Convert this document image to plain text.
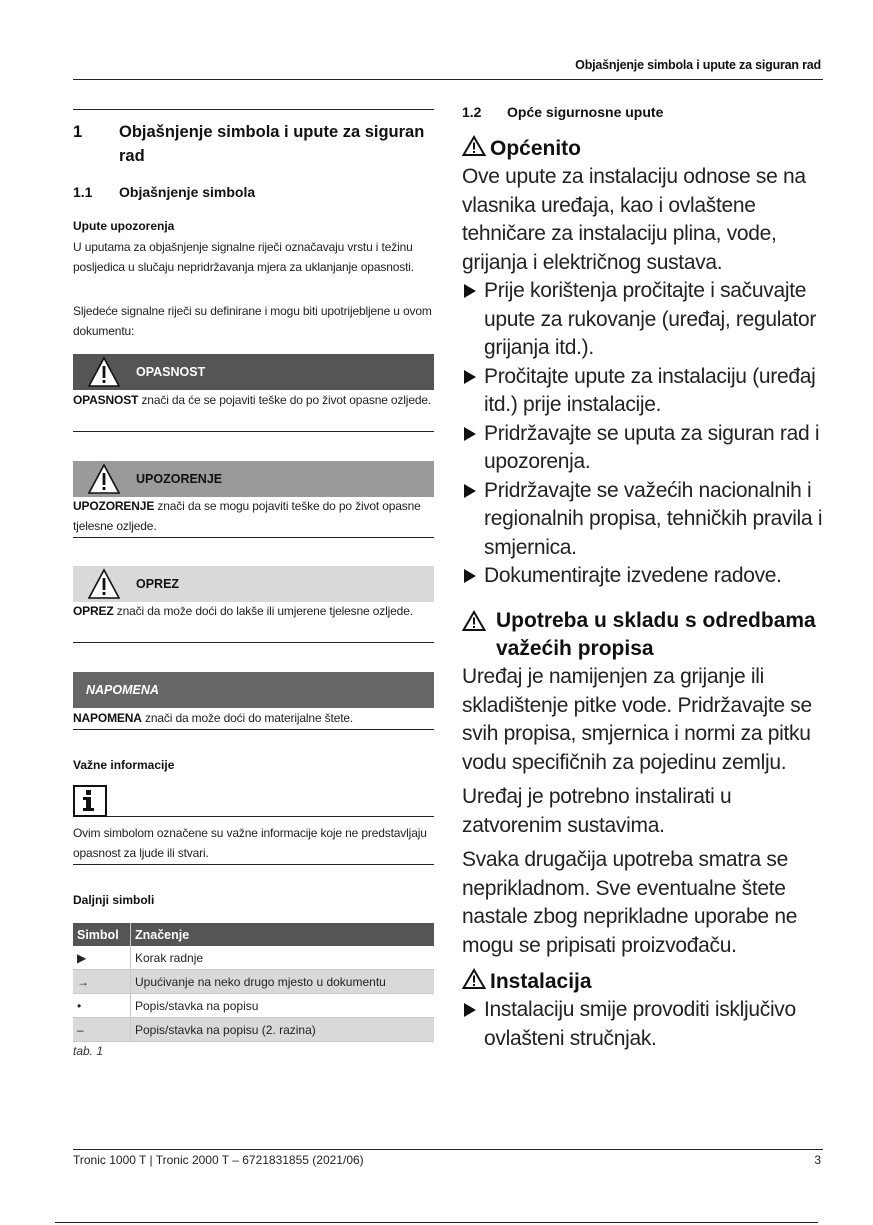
Objašnjenje simbola i upute za siguran rad
1 Objašnjenje simbola i upute za siguran rad
1.1 Objašnjenje simbola
Upute upozorenja
U uputama za objašnjenje signalne riječi označavaju vrstu i težinu posljedica u slučaju nepridržavanja mjera za uklanjanje opasnosti.
Sljedeće signalne riječi su definirane i mogu biti upotrijebljene u ovom dokumentu:
OPASNOST
OPASNOST znači da će se pojaviti teške do po život opasne ozljede.
UPOZORENJE
UPOZORENJE znači da se mogu pojaviti teške do po život opasne tjelesne ozljede.
OPREZ
OPREZ znači da može doći do lakše ili umjerene tjelesne ozljede.
NAPOMENA
NAPOMENA znači da može doći do materijalne štete.
Važne informacije
Ovim simbolom označene su važne informacije koje ne predstavljaju opasnost za ljude ili stvari.
Daljnji simboli
Simbol	Značenje
▶	Korak radnje
→	Upućivanje na neko drugo mjesto u dokumentu
•	Popis/stavka na popisu
–	Popis/stavka na popisu (2. razina)
tab. 1
1.2 Opće sigurnosne upute
Općenito
Ove upute za instalaciju odnose se na vlasnika uređaja, kao i ovlaštene tehničare za instalaciju plina, vode, grijanja i električnog sustava.
Prije korištenja pročitajte i sačuvajte upute za rukovanje (uređaj, regulator grijanja itd.).
Pročitajte upute za instalaciju (uređaj itd.) prije instalacije.
Pridržavajte se uputa za siguran rad i upozorenja.
Pridržavajte se važećih nacionalnih i regionalnih propisa, tehničkih pravila i smjernica.
Dokumentirajte izvedene radove.
Upotreba u skladu s odredbama važećih propisa
Uređaj je namijenjen za grijanje ili skladištenje pitke vode. Pridržavajte se svih propisa, smjernica i normi za pitku vodu specifičnih za pojedinu zemlju.
Uređaj je potrebno instalirati u zatvorenim sustavima.
Svaka drugačija upotreba smatra se neprikladnom. Sve eventualne štete nastale zbog neprikladne uporabe ne mogu se pripisati proizvođaču.
Instalacija
Instalaciju smije provoditi isključivo ovlašteni stručnjak.
Tronic 1000 T | Tronic 2000 T – 6721831855 (2021/06)	3
